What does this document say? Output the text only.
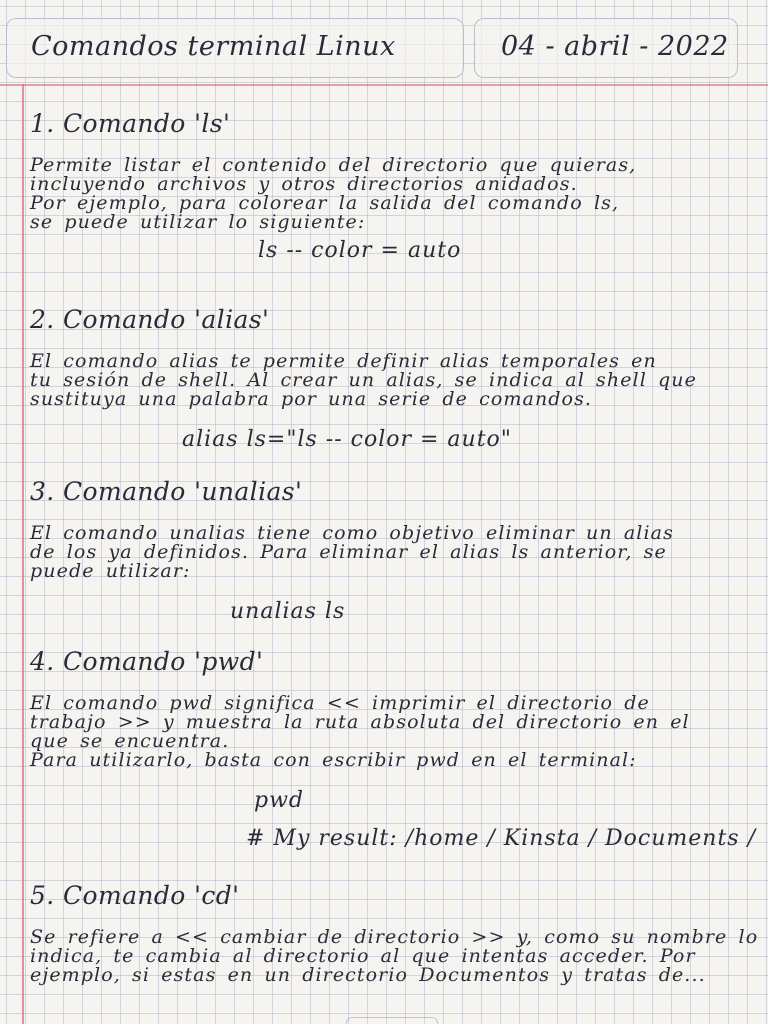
Comandos terminal Linux	04 - abril - 2022
1. Comando 'ls'
Permite listar el contenido del directorio que quieras,
incluyendo archivos y otros directorios anidados.
Por ejemplo, para colorear la salida del comando ls,
se puede utilizar lo siguiente:
ls -- color = auto
2. Comando 'alias'
El comando alias te permite definir alias temporales en
tu sesión de shell. Al crear un alias, se indica al shell que
sustituya una palabra por una serie de comandos.
alias ls="ls -- color = auto"
3. Comando 'unalias'
El comando unalias tiene como objetivo eliminar un alias
de los ya definidos. Para eliminar el alias ls anterior, se
puede utilizar:
unalias ls
4. Comando 'pwd'
El comando pwd significa << imprimir el directorio de
trabajo >> y muestra la ruta absoluta del directorio en el
que se encuentra.
Para utilizarlo, basta con escribir pwd en el terminal:
pwd
# My result: /home / Kinsta / Documents /
5. Comando 'cd'
Se refiere a << cambiar de directorio >> y, como su nombre lo
indica, te cambia al directorio al que intentas acceder. Por
ejemplo, si estas en un directorio Documentos y tratas de...
